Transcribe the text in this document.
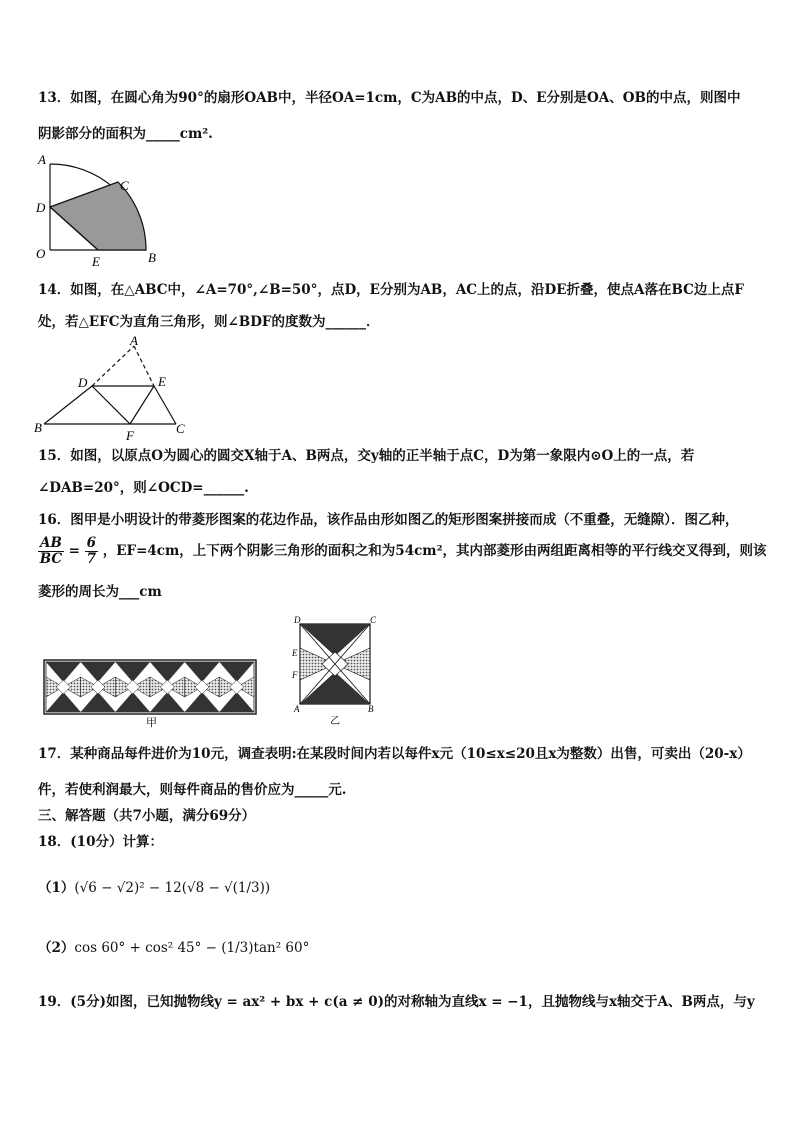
13．如图，在圆心角为90°的扇形OAB中，半径OA=1cm，C为AB的中点，D、E分别是OA、OB的中点，则图中
阴影部分的面积为_____cm².
A
C
D
O
E	B
14．如图，在△ABC中，∠A=70°,∠B=50°，点D，E分别为AB，AC上的点，沿DE折叠，使点A落在BC边上点F
处，若△EFC为直角三角形，则∠BDF的度数为______．
A
D	E
B
F	C
15．如图，以原点O为圆心的圆交X轴于A、B两点，交y轴的正半轴于点C，D为第一象限内⊙O上的一点，若
∠DAB=20°，则∠OCD=______.
16．图甲是小明设计的带菱形图案的花边作品，该作品由形如图乙的矩形图案拼接而成（不重叠，无缝隙）．图乙种，
$\frac{AB}{BC} = \frac{6}{7}$ ，EF=4cm，上下两个阴影三角形的面积之和为54cm²，其内部菱形由两组距离相等的平行线交叉得到，则该
菱形的周长为___cm
甲
D	C
E
F
A	B
乙
17．某种商品每件进价为10元，调查表明:在某段时间内若以每件x元（10≤x≤20且x为整数）出售，可卖出（20-x）
件，若使利润最大，则每件商品的售价应为_____元.
三、解答题（共7小题，满分69分）
18．(10分）计算：
（1）(√6 − √2)² − 12(√8 − √(1/3))
（2）cos 60° + cos² 45° − (1/3)tan² 60°
19．(5分)如图，已知抛物线y = ax² + bx + c(a ≠ 0)的对称轴为直线x = −1，且抛物线与x轴交于A、B两点，与y
